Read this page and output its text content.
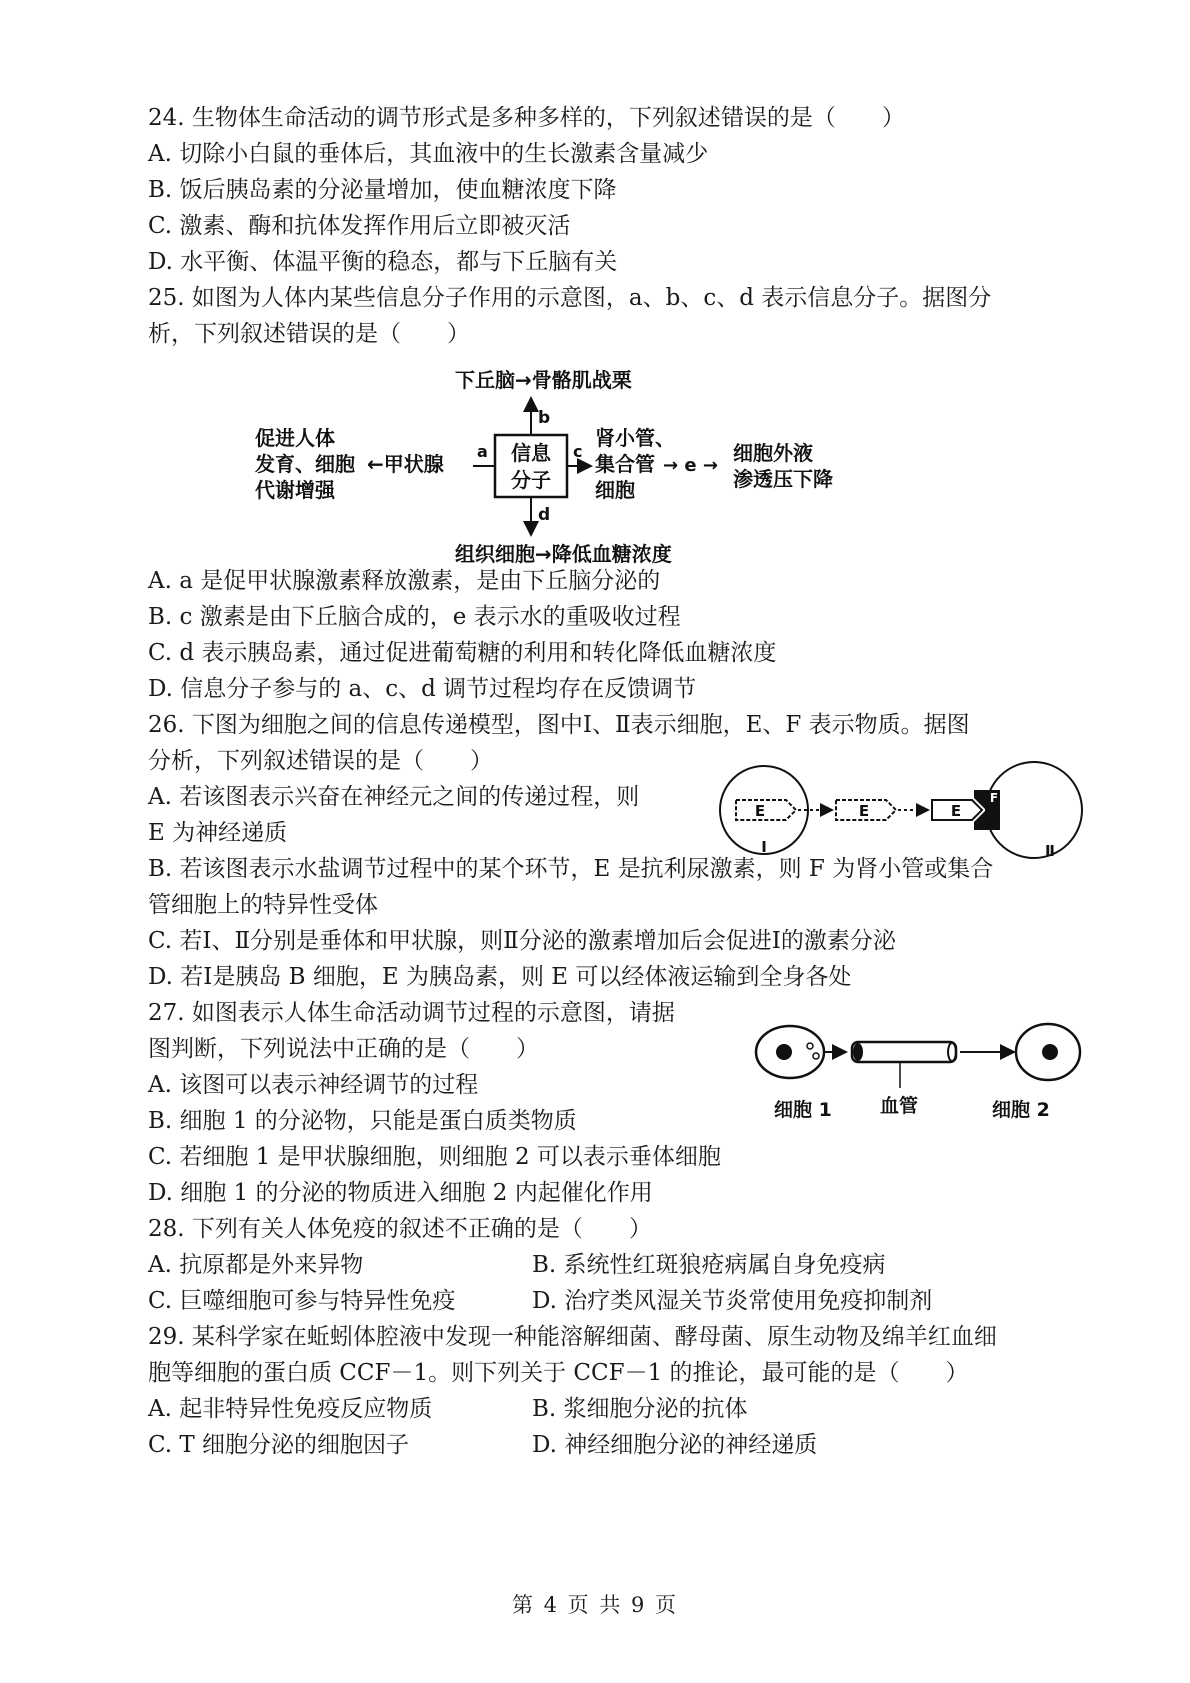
24. 生物体生命活动的调节形式是多种多样的，下列叙述错误的是（　　）
A. 切除小白鼠的垂体后，其血液中的生长激素含量减少
B. 饭后胰岛素的分泌量增加，使血糖浓度下降
C. 激素、酶和抗体发挥作用后立即被灭活
D. 水平衡、体温平衡的稳态，都与下丘脑有关
25. 如图为人体内某些信息分子作用的示意图，a、b、c、d 表示信息分子。据图分
析，下列叙述错误的是（　　）
信息
分子
下丘脑→骨骼肌战栗
b
促进人体
发育、细胞
代谢增强
←甲状腺
a	c
肾小管、
集合管
细胞
→ e →
细胞外液
渗透压下降
d
组织细胞→降低血糖浓度
A. a 是促甲状腺激素释放激素，是由下丘脑分泌的
B. c 激素是由下丘脑合成的，e 表示水的重吸收过程
C. d 表示胰岛素，通过促进葡萄糖的利用和转化降低血糖浓度
D. 信息分子参与的 a、c、d 调节过程均存在反馈调节
26. 下图为细胞之间的信息传递模型，图中Ⅰ、Ⅱ表示细胞，E、F 表示物质。据图
分析，下列叙述错误的是（　　）
A. 若该图表示兴奋在神经元之间的传递过程，则
E 为神经递质
E	E	E
F
Ⅰ	Ⅱ
B. 若该图表示水盐调节过程中的某个环节，E 是抗利尿激素，则 F 为肾小管或集合
管细胞上的特异性受体
C. 若Ⅰ、Ⅱ分别是垂体和甲状腺，则Ⅱ分泌的激素增加后会促进Ⅰ的激素分泌
D. 若Ⅰ是胰岛 B 细胞，E 为胰岛素，则 E 可以经体液运输到全身各处
27. 如图表示人体生命活动调节过程的示意图，请据
图判断，下列说法中正确的是（　　）
细胞 1	血管	细胞 2
A. 该图可以表示神经调节的过程
B. 细胞 1 的分泌物，只能是蛋白质类物质
C. 若细胞 1 是甲状腺细胞，则细胞 2 可以表示垂体细胞
D. 细胞 1 的分泌的物质进入细胞 2 内起催化作用
28. 下列有关人体免疫的叙述不正确的是（　　）
A. 抗原都是外来异物	B. 系统性红斑狼疮病属自身免疫病
C. 巨噬细胞可参与特异性免疫	D. 治疗类风湿关节炎常使用免疫抑制剂
29. 某科学家在蚯蚓体腔液中发现一种能溶解细菌、酵母菌、原生动物及绵羊红血细
胞等细胞的蛋白质 CCF－1。则下列关于 CCF－1 的推论，最可能的是（　　）
A. 起非特异性免疫反应物质	B. 浆细胞分泌的抗体
C. T 细胞分泌的细胞因子	D. 神经细胞分泌的神经递质
第 4 页 共 9 页
